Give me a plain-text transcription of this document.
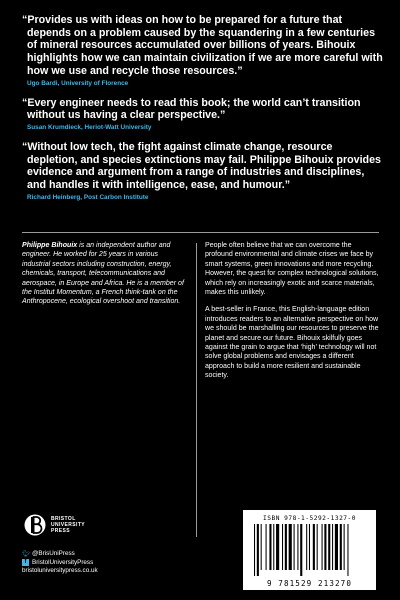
“Provides us with ideas on how to be prepared for a future that depends on a problem caused by the squandering in a few centuries of mineral resources accumulated over billions of years. Bihouix highlights how we can maintain civilization if we are more careful with how we use and recycle those resources.”

Ugo Bardi, University of Florence

“Every engineer needs to read this book; the world can’t transition without us having a clear perspective.”

Susan Krumdieck, Heriot-Watt University

“Without low tech, the fight against climate change, resource depletion, and species extinctions may fail. Philippe Bihouix provides evidence and argument from a range of industries and disciplines, and handles it with intelligence, ease, and humour.”

Richard Heinberg, Post Carbon Institute
Philippe Bihouix is an independent author and engineer. He worked for 25 years in various industrial sectors including construction, energy, chemicals, transport, telecommunications and aerospace, in Europe and Africa. He is a member of the Institut Momentum, a French think-tank on the Anthropocene, ecological overshoot and transition.

People often believe that we can overcome the profound environmental and climate crises we face by smart systems, green innovations and more recycling. However, the quest for complex technological solutions, which rely on increasingly exotic and scarce materials, makes this unlikely.

A best-seller in France, this English-language edition introduces readers to an alternative perspective on how we should be marshalling our resources to preserve the planet and secure our future. Bihouix skilfully goes against the grain to argue that ‘high’ technology will not solve global problems and envisages a different approach to build a more resilient and sustainable society.

BRISTOL
UNIVERSITY
PRESS
🐦︎ @BrisUniPress
f BristolUniversityPress
bristoluniversitypress.co.uk
ISBN 978-1-5292-1327-0
9 781529 213270
